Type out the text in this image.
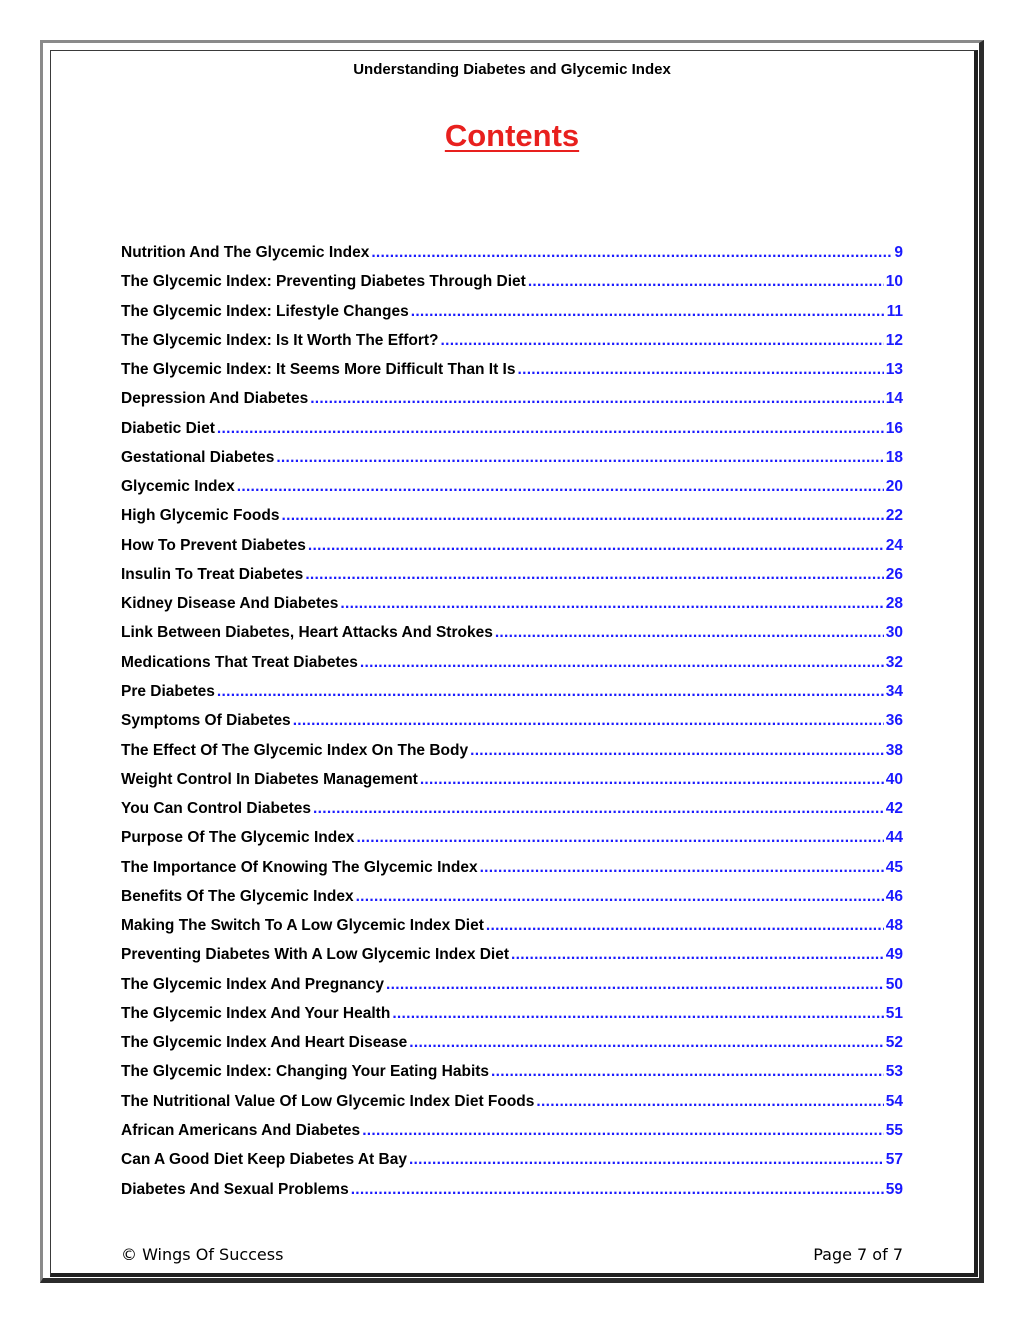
Understanding Diabetes and Glycemic Index
Contents
Nutrition And The Glycemic Index .....	9
The Glycemic Index: Preventing Diabetes Through Diet .....	10
The Glycemic Index: Lifestyle Changes .....	11
The Glycemic Index: Is It Worth The Effort? .....	12
The Glycemic Index: It Seems More Difficult Than It Is .....	13
Depression And Diabetes .....	14
Diabetic Diet .....	16
Gestational Diabetes .....	18
Glycemic Index .....	20
High Glycemic Foods .....	22
How To Prevent Diabetes .....	24
Insulin To Treat Diabetes .....	26
Kidney Disease And Diabetes .....	28
Link Between Diabetes, Heart Attacks And Strokes .....	30
Medications That Treat Diabetes .....	32
Pre Diabetes .....	34
Symptoms Of Diabetes .....	36
The Effect Of The Glycemic Index On The Body .....	38
Weight Control In Diabetes Management .....	40
You Can Control Diabetes .....	42
Purpose Of The Glycemic Index .....	44
The Importance Of Knowing The Glycemic Index .....	45
Benefits Of The Glycemic Index .....	46
Making The Switch To A Low Glycemic Index Diet .....	48
Preventing Diabetes With A Low Glycemic Index Diet .....	49
The Glycemic Index And Pregnancy .....	50
The Glycemic Index And Your Health .....	51
The Glycemic Index And Heart Disease .....	52
The Glycemic Index: Changing Your Eating Habits .....	53
The Nutritional Value Of Low Glycemic Index Diet Foods .....	54
African Americans And Diabetes .....	55
Can A Good Diet Keep Diabetes At Bay .....	57
Diabetes And Sexual Problems .....	59
© Wings Of Success	Page 7 of 7
